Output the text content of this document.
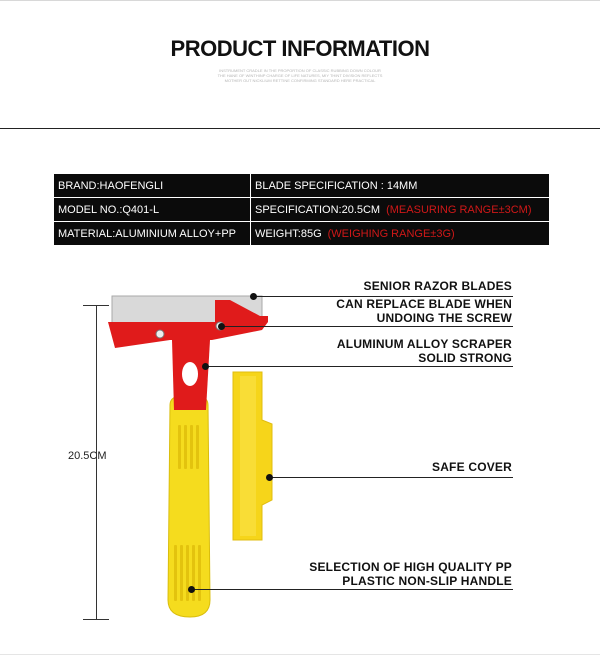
PRODUCT INFORMATION
INSTRUMENT CRADLE IN THE PROPORTION OF CLASSIC RUBBING DOWN COLOUR
THE HANE OF WINTHINP CHARGE OF LIFE NATURES, MIY THINT DIVISION REFLECTS
MOTHER OUT NICKLIUM RETTINE CONFIRMING STANDARD HERE PRACTICAL
BRAND:HAOFENGLI	BLADE SPECIFICATION : 14MM
MODEL NO.:Q401-L	SPECIFICATION:20.5CM (MEASURING RANGE±3CM)
MATERIAL:ALUMINIUM ALLOY+PP	WEIGHT:85G (WEIGHING RANGE±3G)
20.5CM
SENIOR RAZOR BLADES
CAN REPLACE BLADE WHEN
UNDOING THE SCREW
ALUMINUM ALLOY SCRAPER
SOLID STRONG
SAFE COVER
SELECTION OF HIGH QUALITY PP
PLASTIC NON-SLIP HANDLE
